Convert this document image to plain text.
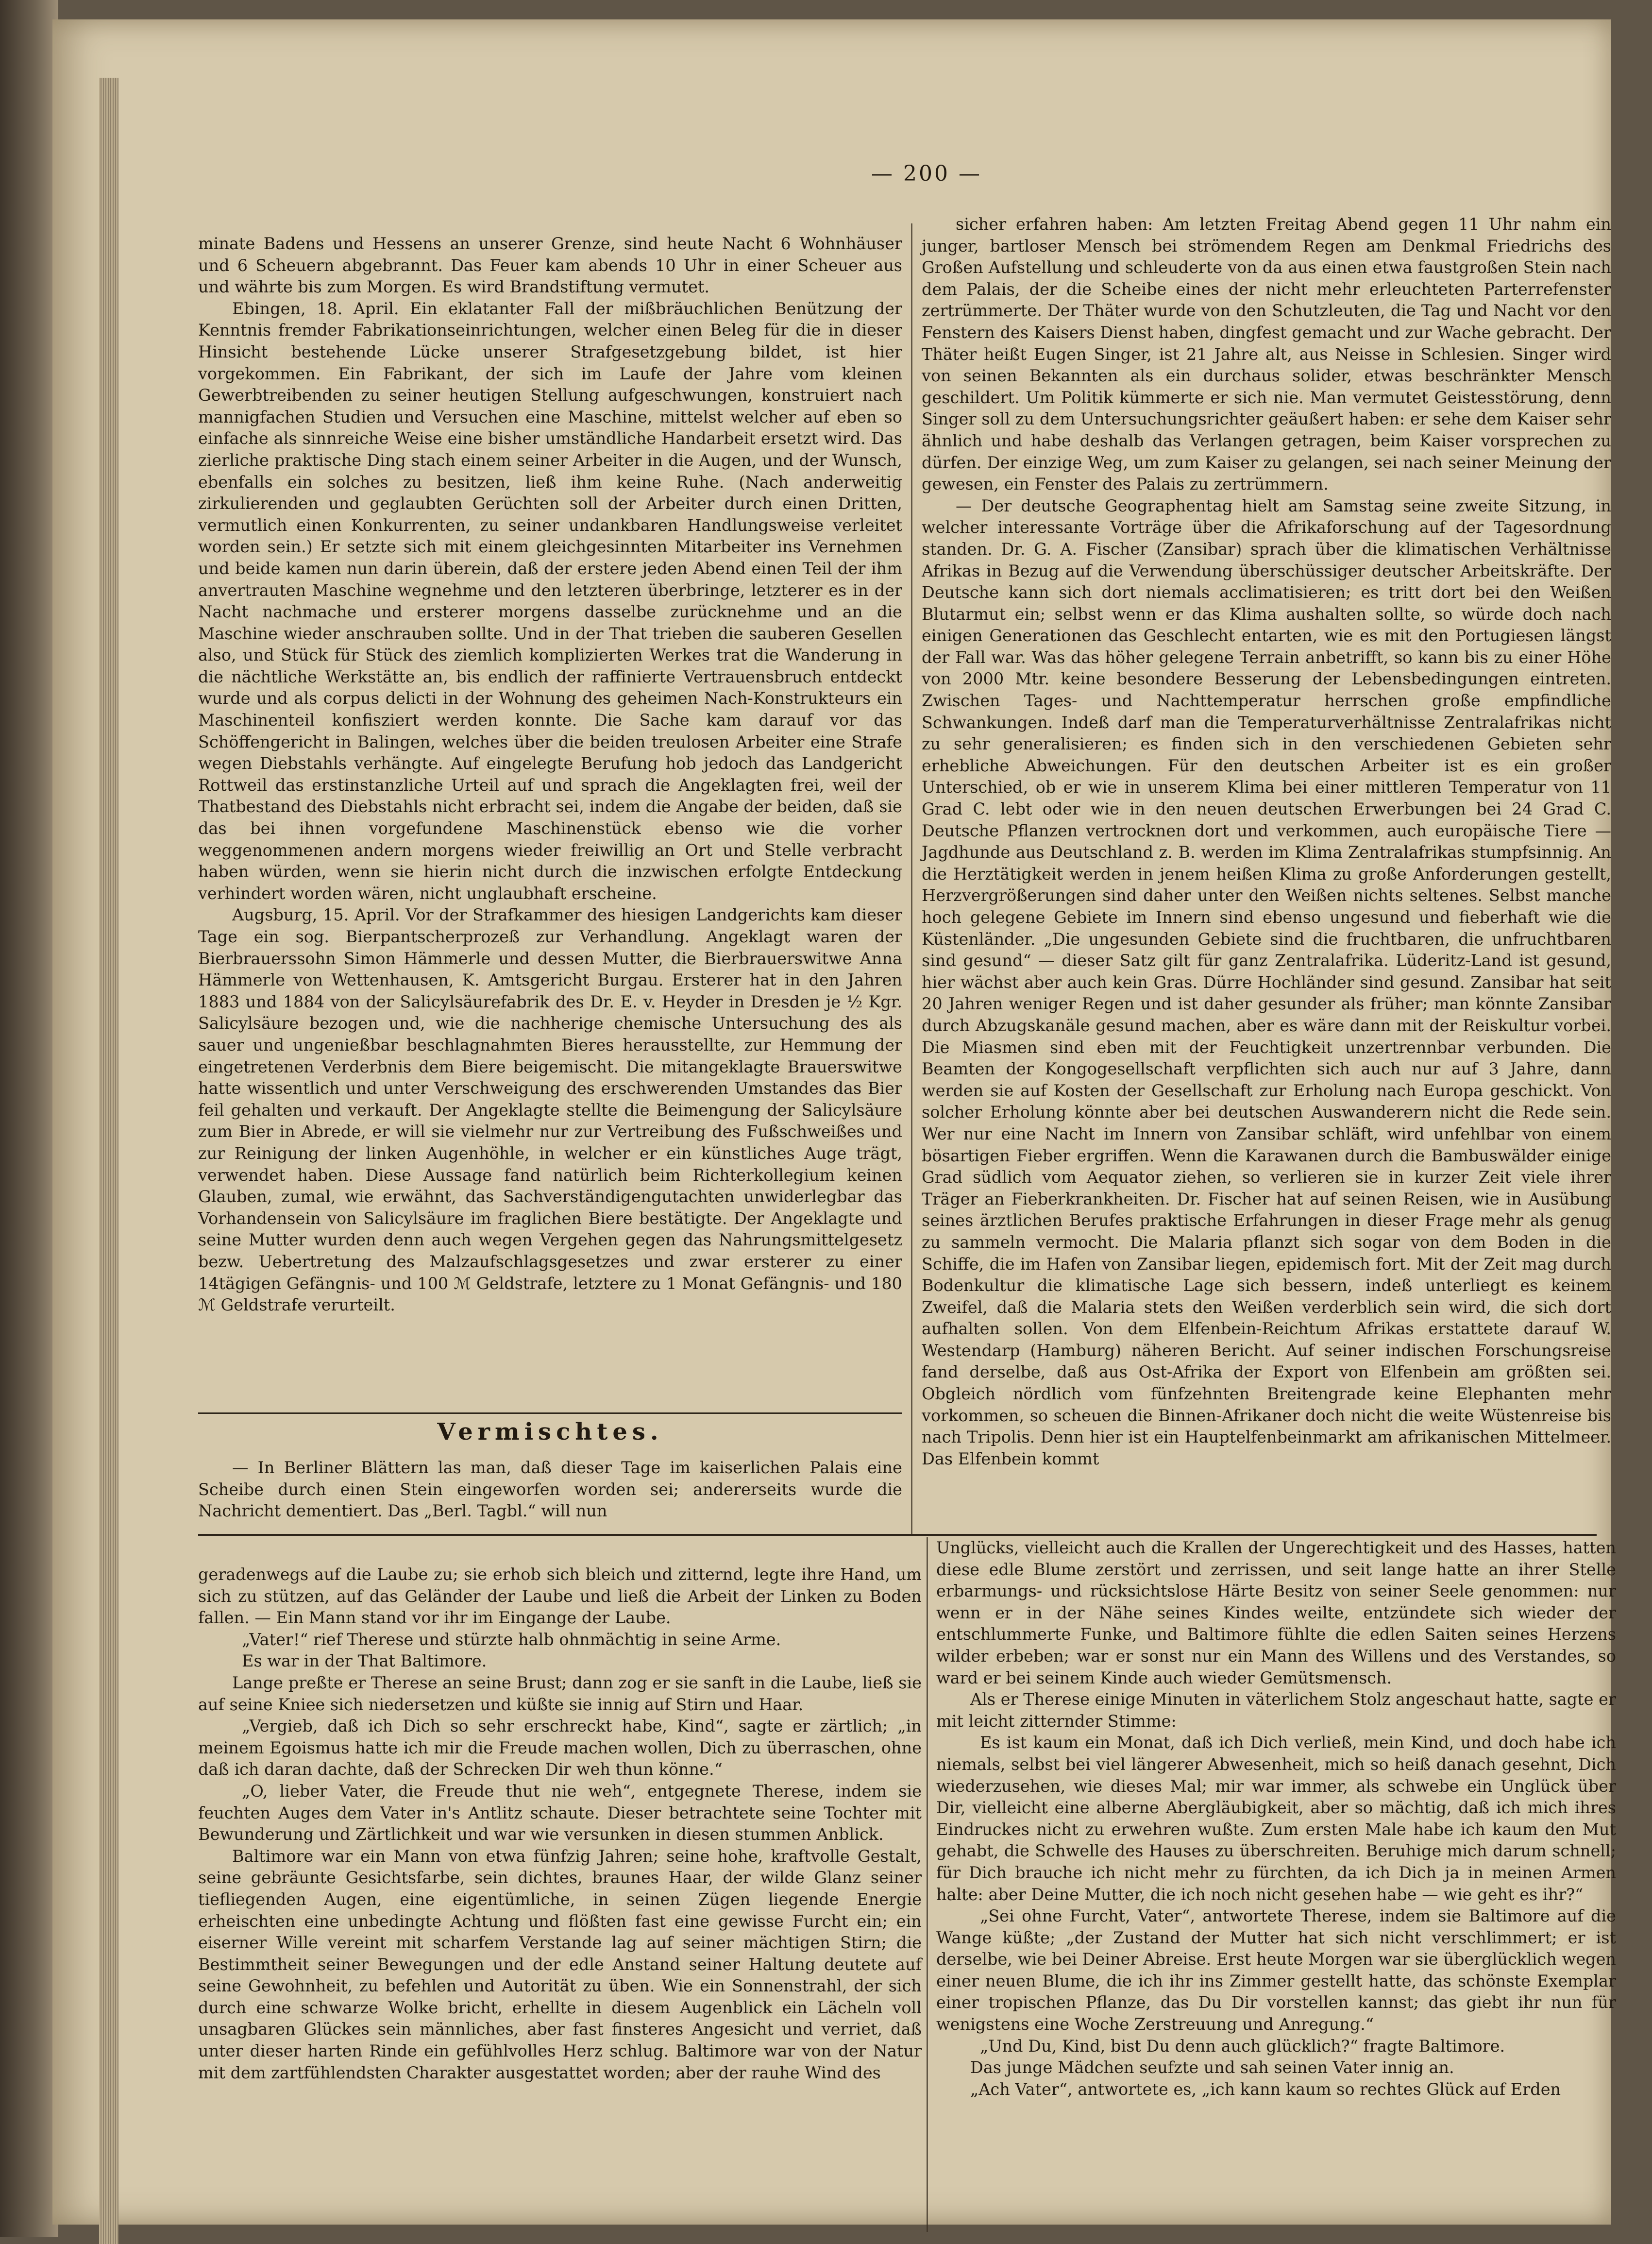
— 200 —

minate Badens und Hessens an unserer Grenze, sind heute Nacht 6 Wohnhäuser und 6 Scheuern abgebrannt. Das Feuer kam abends 10 Uhr in einer Scheuer aus und währte bis zum Morgen. Es wird Brandstiftung vermutet.

Ebingen, 18. April. Ein eklatanter Fall der mißbräuchlichen Benützung der Kenntnis fremder Fabrikationseinrichtungen, welcher einen Beleg für die in dieser Hinsicht bestehende Lücke unserer Strafgesetzgebung bildet, ist hier vorgekommen. Ein Fabrikant, der sich im Laufe der Jahre vom kleinen Gewerbtreibenden zu seiner heutigen Stellung aufgeschwungen, konstruiert nach mannigfachen Studien und Versuchen eine Maschine, mittelst welcher auf eben so einfache als sinnreiche Weise eine bisher umständliche Handarbeit ersetzt wird. Das zierliche praktische Ding stach einem seiner Arbeiter in die Augen, und der Wunsch, ebenfalls ein solches zu besitzen, ließ ihm keine Ruhe. (Nach anderweitig zirkulierenden und geglaubten Gerüchten soll der Arbeiter durch einen Dritten, vermutlich einen Konkurrenten, zu seiner undankbaren Handlungsweise verleitet worden sein.) Er setzte sich mit einem gleichgesinnten Mitarbeiter ins Vernehmen und beide kamen nun darin überein, daß der erstere jeden Abend einen Teil der ihm anvertrauten Maschine wegnehme und den letzteren überbringe, letzterer es in der Nacht nachmache und ersterer morgens dasselbe zurücknehme und an die Maschine wieder anschrauben sollte. Und in der That trieben die sauberen Gesellen also, und Stück für Stück des ziemlich komplizierten Werkes trat die Wanderung in die nächtliche Werkstätte an, bis endlich der raffinierte Vertrauensbruch entdeckt wurde und als corpus delicti in der Wohnung des geheimen Nach-Konstrukteurs ein Maschinenteil konfisziert werden konnte. Die Sache kam darauf vor das Schöffengericht in Balingen, welches über die beiden treulosen Arbeiter eine Strafe wegen Diebstahls verhängte. Auf eingelegte Berufung hob jedoch das Landgericht Rottweil das erstinstanzliche Urteil auf und sprach die Angeklagten frei, weil der Thatbestand des Diebstahls nicht erbracht sei, indem die Angabe der beiden, daß sie das bei ihnen vorgefundene Maschinenstück ebenso wie die vorher weggenommenen andern morgens wieder freiwillig an Ort und Stelle verbracht haben würden, wenn sie hierin nicht durch die inzwischen erfolgte Entdeckung verhindert worden wären, nicht unglaubhaft erscheine.

Augsburg, 15. April. Vor der Strafkammer des hiesigen Landgerichts kam dieser Tage ein sog. Bierpantscherprozeß zur Verhandlung. Angeklagt waren der Bierbrauerssohn Simon Hämmerle und dessen Mutter, die Bierbrauerswitwe Anna Hämmerle von Wettenhausen, K. Amtsgericht Burgau. Ersterer hat in den Jahren 1883 und 1884 von der Salicylsäurefabrik des Dr. E. v. Heyder in Dresden je ½ Kgr. Salicylsäure bezogen und, wie die nachherige chemische Untersuchung des als sauer und ungenießbar beschlagnahmten Bieres herausstellte, zur Hemmung der eingetretenen Verderbnis dem Biere beigemischt. Die mitangeklagte Brauerswitwe hatte wissentlich und unter Verschweigung des erschwerenden Umstandes das Bier feil gehalten und verkauft. Der Angeklagte stellte die Beimengung der Salicylsäure zum Bier in Abrede, er will sie vielmehr nur zur Vertreibung des Fußschweißes und zur Reinigung der linken Augenhöhle, in welcher er ein künstliches Auge trägt, verwendet haben. Diese Aussage fand natürlich beim Richterkollegium keinen Glauben, zumal, wie erwähnt, das Sachverständigengutachten unwiderlegbar das Vorhandensein von Salicylsäure im fraglichen Biere bestätigte. Der Angeklagte und seine Mutter wurden denn auch wegen Vergehen gegen das Nahrungsmittelgesetz bezw. Uebertretung des Malzaufschlagsgesetzes und zwar ersterer zu einer 14tägigen Gefängnis- und 100 ℳ Geldstrafe, letztere zu 1 Monat Gefängnis- und 180 ℳ Geldstrafe verurteilt.

sicher erfahren haben: Am letzten Freitag Abend gegen 11 Uhr nahm ein junger, bartloser Mensch bei strömendem Regen am Denkmal Friedrichs des Großen Aufstellung und schleuderte von da aus einen etwa faustgroßen Stein nach dem Palais, der die Scheibe eines der nicht mehr erleuchteten Parterrefenster zertrümmerte. Der Thäter wurde von den Schutzleuten, die Tag und Nacht vor den Fenstern des Kaisers Dienst haben, dingfest gemacht und zur Wache gebracht. Der Thäter heißt Eugen Singer, ist 21 Jahre alt, aus Neisse in Schlesien. Singer wird von seinen Bekannten als ein durchaus solider, etwas beschränkter Mensch geschildert. Um Politik kümmerte er sich nie. Man vermutet Geistesstörung, denn Singer soll zu dem Untersuchungsrichter geäußert haben: er sehe dem Kaiser sehr ähnlich und habe deshalb das Verlangen getragen, beim Kaiser vorsprechen zu dürfen. Der einzige Weg, um zum Kaiser zu gelangen, sei nach seiner Meinung der gewesen, ein Fenster des Palais zu zertrümmern.

— Der deutsche Geographentag hielt am Samstag seine zweite Sitzung, in welcher interessante Vorträge über die Afrikaforschung auf der Tagesordnung standen. Dr. G. A. Fischer (Zansibar) sprach über die klimatischen Verhältnisse Afrikas in Bezug auf die Verwendung überschüssiger deutscher Arbeitskräfte. Der Deutsche kann sich dort niemals acclimatisieren; es tritt dort bei den Weißen Blutarmut ein; selbst wenn er das Klima aushalten sollte, so würde doch nach einigen Generationen das Geschlecht entarten, wie es mit den Portugiesen längst der Fall war. Was das höher gelegene Terrain anbetrifft, so kann bis zu einer Höhe von 2000 Mtr. keine besondere Besserung der Lebensbedingungen eintreten. Zwischen Tages- und Nachttemperatur herrschen große empfindliche Schwankungen. Indeß darf man die Temperaturverhältnisse Zentralafrikas nicht zu sehr generalisieren; es finden sich in den verschiedenen Gebieten sehr erhebliche Abweichungen. Für den deutschen Arbeiter ist es ein großer Unterschied, ob er wie in unserem Klima bei einer mittleren Temperatur von 11 Grad C. lebt oder wie in den neuen deutschen Erwerbungen bei 24 Grad C. Deutsche Pflanzen vertrocknen dort und verkommen, auch europäische Tiere — Jagdhunde aus Deutschland z. B. werden im Klima Zentralafrikas stumpfsinnig. An die Herztätigkeit werden in jenem heißen Klima zu große Anforderungen gestellt, Herzvergrößerungen sind daher unter den Weißen nichts seltenes. Selbst manche hoch gelegene Gebiete im Innern sind ebenso ungesund und fieberhaft wie die Küstenländer. „Die ungesunden Gebiete sind die fruchtbaren, die unfruchtbaren sind gesund“ — dieser Satz gilt für ganz Zentralafrika. Lüderitz-Land ist gesund, hier wächst aber auch kein Gras. Dürre Hochländer sind gesund. Zansibar hat seit 20 Jahren weniger Regen und ist daher gesunder als früher; man könnte Zansibar durch Abzugskanäle gesund machen, aber es wäre dann mit der Reiskultur vorbei. Die Miasmen sind eben mit der Feuchtigkeit unzertrennbar verbunden. Die Beamten der Kongogesellschaft verpflichten sich auch nur auf 3 Jahre, dann werden sie auf Kosten der Gesellschaft zur Erholung nach Europa geschickt. Von solcher Erholung könnte aber bei deutschen Auswanderern nicht die Rede sein. Wer nur eine Nacht im Innern von Zansibar schläft, wird unfehlbar von einem bösartigen Fieber ergriffen. Wenn die Karawanen durch die Bambuswälder einige Grad südlich vom Aequator ziehen, so verlieren sie in kurzer Zeit viele ihrer Träger an Fieberkrankheiten. Dr. Fischer hat auf seinen Reisen, wie in Ausübung seines ärztlichen Berufes praktische Erfahrungen in dieser Frage mehr als genug zu sammeln vermocht. Die Malaria pflanzt sich sogar von dem Boden in die Schiffe, die im Hafen von Zansibar liegen, epidemisch fort. Mit der Zeit mag durch Bodenkultur die klimatische Lage sich bessern, indeß unterliegt es keinem Zweifel, daß die Malaria stets den Weißen verderblich sein wird, die sich dort aufhalten sollen. Von dem Elfenbein-Reichtum Afrikas erstattete darauf W. Westendarp (Hamburg) näheren Bericht. Auf seiner indischen Forschungsreise fand derselbe, daß aus Ost-Afrika der Export von Elfenbein am größten sei. Obgleich nördlich vom fünfzehnten Breitengrade keine Elephanten mehr vorkommen, so scheuen die Binnen-Afrikaner doch nicht die weite Wüstenreise bis nach Tripolis. Denn hier ist ein Hauptelfenbeinmarkt am afrikanischen Mittelmeer. Das Elfenbein kommt

Vermischtes.

— In Berliner Blättern las man, daß dieser Tage im kaiserlichen Palais eine Scheibe durch einen Stein eingeworfen worden sei; andererseits wurde die Nachricht dementiert. Das „Berl. Tagbl.“ will nun

geradenwegs auf die Laube zu; sie erhob sich bleich und zitternd, legte ihre Hand, um sich zu stützen, auf das Geländer der Laube und ließ die Arbeit der Linken zu Boden fallen. — Ein Mann stand vor ihr im Eingange der Laube.

„Vater!“ rief Therese und stürzte halb ohnmächtig in seine Arme.

Es war in der That Baltimore.

Lange preßte er Therese an seine Brust; dann zog er sie sanft in die Laube, ließ sie auf seine Kniee sich niedersetzen und küßte sie innig auf Stirn und Haar.

„Vergieb, daß ich Dich so sehr erschreckt habe, Kind“, sagte er zärtlich; „in meinem Egoismus hatte ich mir die Freude machen wollen, Dich zu überraschen, ohne daß ich daran dachte, daß der Schrecken Dir weh thun könne.“

„O, lieber Vater, die Freude thut nie weh“, entgegnete Therese, indem sie feuchten Auges dem Vater in's Antlitz schaute. Dieser betrachtete seine Tochter mit Bewunderung und Zärtlichkeit und war wie versunken in diesen stummen Anblick.

Baltimore war ein Mann von etwa fünfzig Jahren; seine hohe, kraftvolle Gestalt, seine gebräunte Gesichtsfarbe, sein dichtes, braunes Haar, der wilde Glanz seiner tiefliegenden Augen, eine eigentümliche, in seinen Zügen liegende Energie erheischten eine unbedingte Achtung und flößten fast eine gewisse Furcht ein; ein eiserner Wille vereint mit scharfem Verstande lag auf seiner mächtigen Stirn; die Bestimmtheit seiner Bewegungen und der edle Anstand seiner Haltung deutete auf seine Gewohnheit, zu befehlen und Autorität zu üben. Wie ein Sonnenstrahl, der sich durch eine schwarze Wolke bricht, erhellte in diesem Augenblick ein Lächeln voll unsagbaren Glückes sein männliches, aber fast finsteres Angesicht und verriet, daß unter dieser harten Rinde ein gefühlvolles Herz schlug. Baltimore war von der Natur mit dem zartfühlendsten Charakter ausgestattet worden; aber der rauhe Wind des

Unglücks, vielleicht auch die Krallen der Ungerechtigkeit und des Hasses, hatten diese edle Blume zerstört und zerrissen, und seit lange hatte an ihrer Stelle erbarmungs- und rücksichtslose Härte Besitz von seiner Seele genommen: nur wenn er in der Nähe seines Kindes weilte, entzündete sich wieder der entschlummerte Funke, und Baltimore fühlte die edlen Saiten seines Herzens wilder erbeben; war er sonst nur ein Mann des Willens und des Verstandes, so ward er bei seinem Kinde auch wieder Gemütsmensch.

Als er Therese einige Minuten in väterlichem Stolz angeschaut hatte, sagte er mit leicht zitternder Stimme:

Es ist kaum ein Monat, daß ich Dich verließ, mein Kind, und doch habe ich niemals, selbst bei viel längerer Abwesenheit, mich so heiß danach gesehnt, Dich wiederzusehen, wie dieses Mal; mir war immer, als schwebe ein Unglück über Dir, vielleicht eine alberne Abergläubigkeit, aber so mächtig, daß ich mich ihres Eindruckes nicht zu erwehren wußte. Zum ersten Male habe ich kaum den Mut gehabt, die Schwelle des Hauses zu überschreiten. Beruhige mich darum schnell; für Dich brauche ich nicht mehr zu fürchten, da ich Dich ja in meinen Armen halte: aber Deine Mutter, die ich noch nicht gesehen habe — wie geht es ihr?“

„Sei ohne Furcht, Vater“, antwortete Therese, indem sie Baltimore auf die Wange küßte; „der Zustand der Mutter hat sich nicht verschlimmert; er ist derselbe, wie bei Deiner Abreise. Erst heute Morgen war sie überglücklich wegen einer neuen Blume, die ich ihr ins Zimmer gestellt hatte, das schönste Exemplar einer tropischen Pflanze, das Du Dir vorstellen kannst; das giebt ihr nun für wenigstens eine Woche Zerstreuung und Anregung.“

„Und Du, Kind, bist Du denn auch glücklich?“ fragte Baltimore.

Das junge Mädchen seufzte und sah seinen Vater innig an.

„Ach Vater“, antwortete es, „ich kann kaum so rechtes Glück auf Erden
